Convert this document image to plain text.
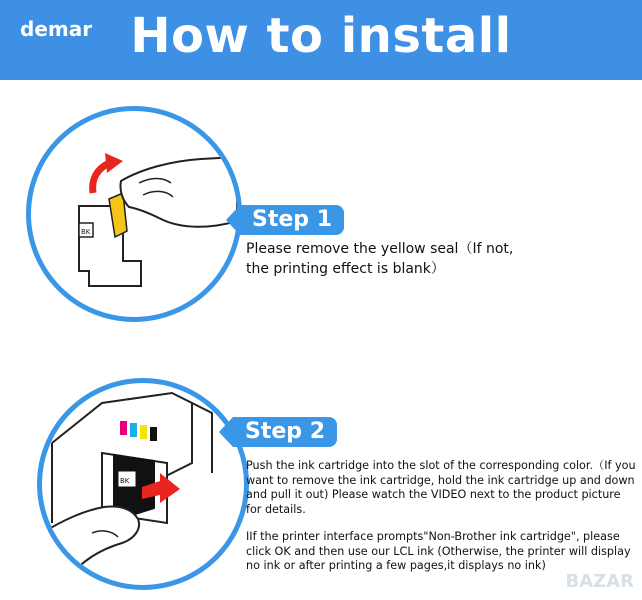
demar How to install
BK	Step 1
Please remove the yellow seal（If not,
the printing effect is blank）
BK
Step 2

Push the ink cartridge into the slot of the corresponding color.（If you want to remove the ink cartridge, hold the ink cartridge up and down and pull it out) Please watch the VIDEO next to the product picture for details.

IIf the printer interface prompts"Non-Brother ink cartridge", please click OK and then use our LCL ink (Otherwise, the printer will display no ink or after printing a few pages,it displays no ink)

BAZAR
